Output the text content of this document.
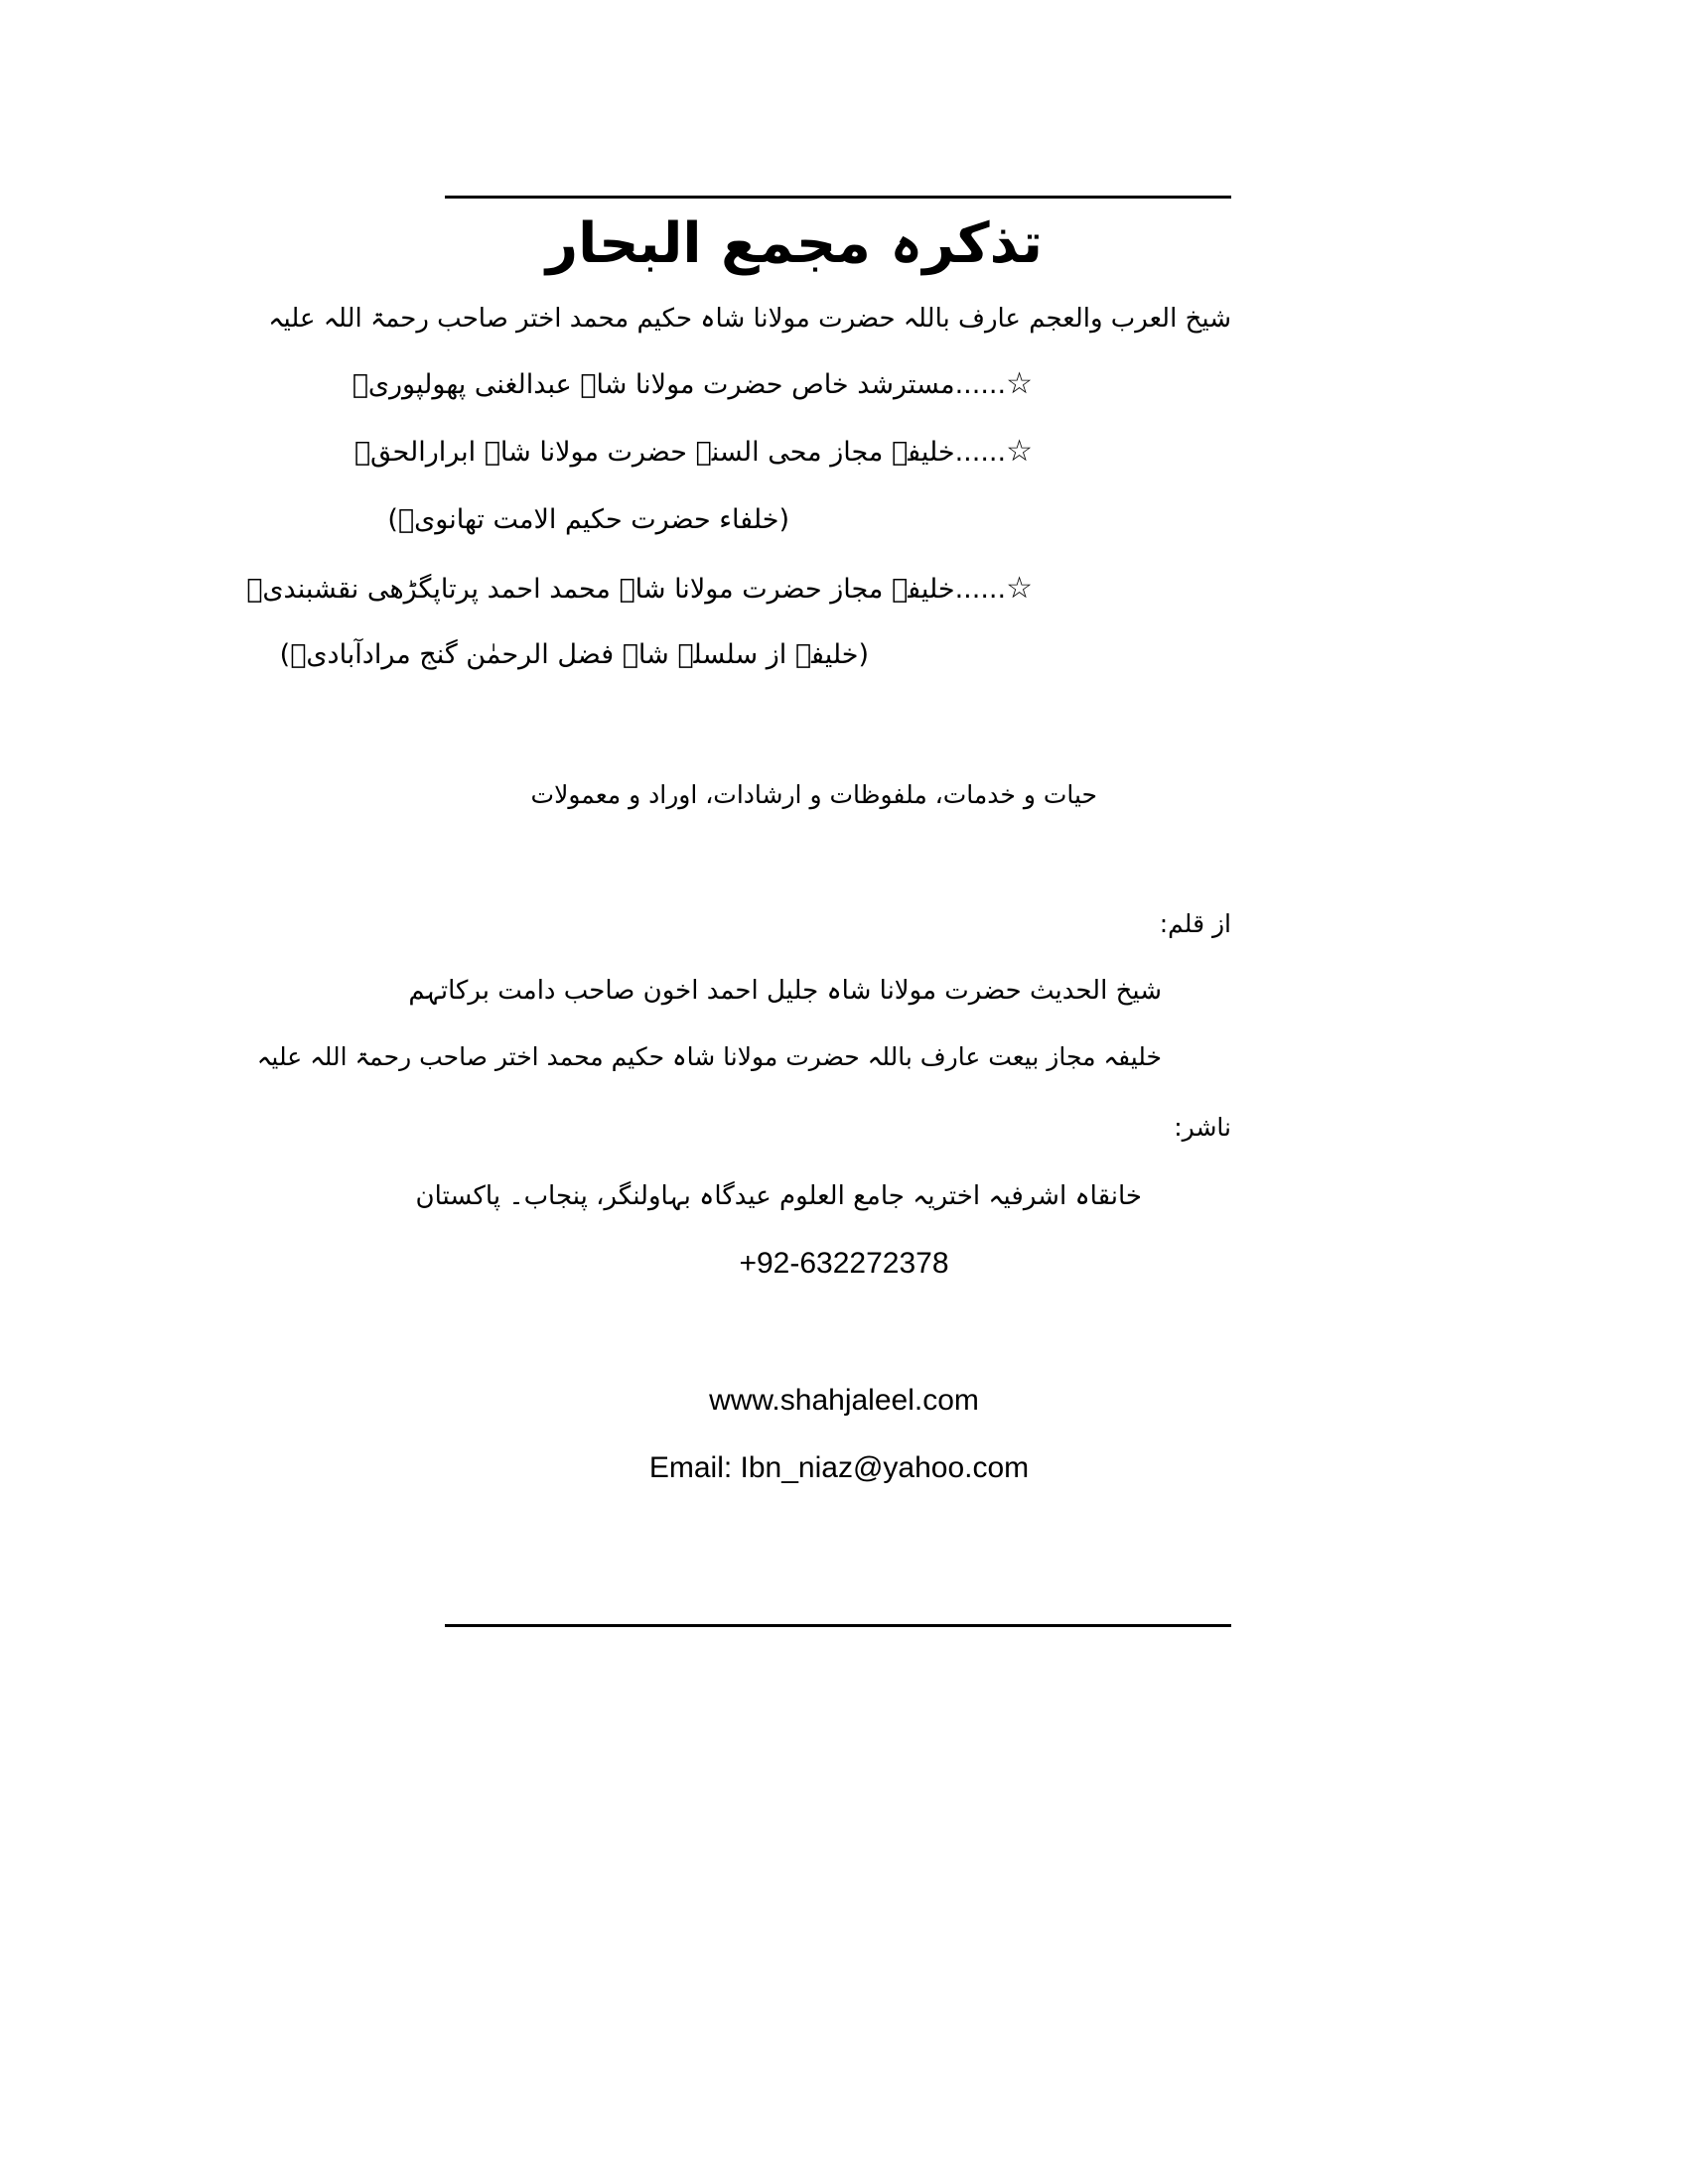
تذکرہ مجمع البحار
شیخ العرب والعجم عارف باللہ حضرت مولانا شاہ حکیم محمد اختر صاحب رحمۃ اللہ علیہ
☆......مسترشد خاص حضرت مولانا شاہ عبدالغنی پھولپوریؒ
☆......خلیفہ مجاز محی السنہ حضرت مولانا شاہ ابرارالحقؒ
(خلفاء حضرت حکیم الامت تھانویؒ)
☆......خلیفہ مجاز حضرت مولانا شاہ محمد احمد پرتاپگڑھی نقشبندیؒ
(خلیفہ از سلسلہ شاہ فضل الرحمٰن گنج مرادآبادیؒ)
حیات و خدمات، ملفوظات و ارشادات، اوراد و معمولات
از قلم:
شیخ الحدیث حضرت مولانا شاہ جلیل احمد اخون صاحب دامت برکاتہم
خلیفہ مجاز بیعت عارف باللہ حضرت مولانا شاہ حکیم محمد اختر صاحب رحمۃ اللہ علیہ
ناشر:
خانقاہ اشرفیہ اختریہ جامع العلوم عیدگاہ بہاولنگر، پنجاب۔ پاکستان
+92-632272378
www.shahjaleel.com
Email: Ibn_niaz@yahoo.com
